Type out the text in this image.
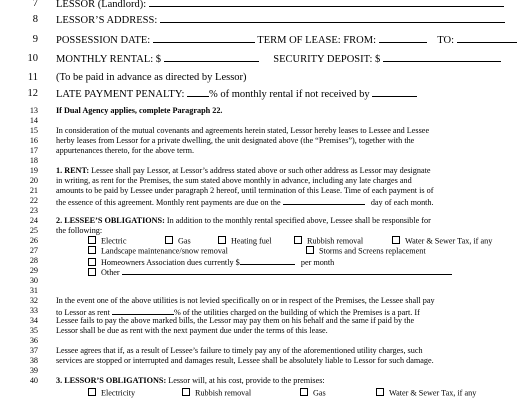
7 LESSOR (Landlord):
8 LESSOR’S ADDRESS:
9 POSSESSION DATE:	TERM OF LEASE: FROM:	TO:
10 MONTHLY RENTAL: $	SECURITY DEPOSIT: $
11 (To be paid in advance as directed by Lessor)
12 LATE PAYMENT PENALTY: % of monthly rental if not received by
13 If Dual Agency applies, complete Paragraph 22.
14
15
16
17
18
19
20
21
22
23
24
25
26
27
28
29
30
31
32
33
34
35
36
37
38
39
40
In consideration of the mutual covenants and agreements herein stated, Lessor hereby leases to Lessee and Lessee
herby leases from Lessor for a private dwelling, the unit designated above (the “Premises”), together with the
appurtenances thereto, for the above term.
1. RENT: Lessee shall pay Lessor, at Lessor’s address stated above or such other address as Lessor may designate
in writing, as rent for the Premises, the sum stated above monthly in advance, including any late charges and
amounts to be paid by Lessee under paragraph 2 hereof, until termination of this Lease. Time of each payment is of
the essence of this agreement. Monthly rent payments are due on the	day of each month.
2. LESSEE’S OBLIGATIONS: In addition to the monthly rental specified above, Lessee shall be responsible for
the following:
Electric	Gas	Heating fuel	Rubbish removal	Water & Sewer Tax, if any
Landscape maintenance/snow removal	Storms and Screens replacement
Homeowners Association dues currently $	per month
Other
In the event one of the above utilities is not levied specifically on or in respect of the Premises, the Lessee shall pay
to Lessor as rent	% of the utilities charged on the building of which the Premises is a part. If
Lessee fails to pay the above marked bills, the Lessor may pay them on his behalf and the same if paid by the
Lessor shall be due as rent with the next payment due under the terms of this lease.
Lessee agrees that if, as a result of Lessee’s failure to timely pay any of the aforementioned utility charges, such
services are stopped or interrupted and damages result, Lessee shall be absolutely liable to Lessor for such damage.
3. LESSOR’S OBLIGATIONS: Lessor will, at his cost, provide to the premises:
Electricity	Rubbish removal	Gas	Water & Sewer Tax, if any
